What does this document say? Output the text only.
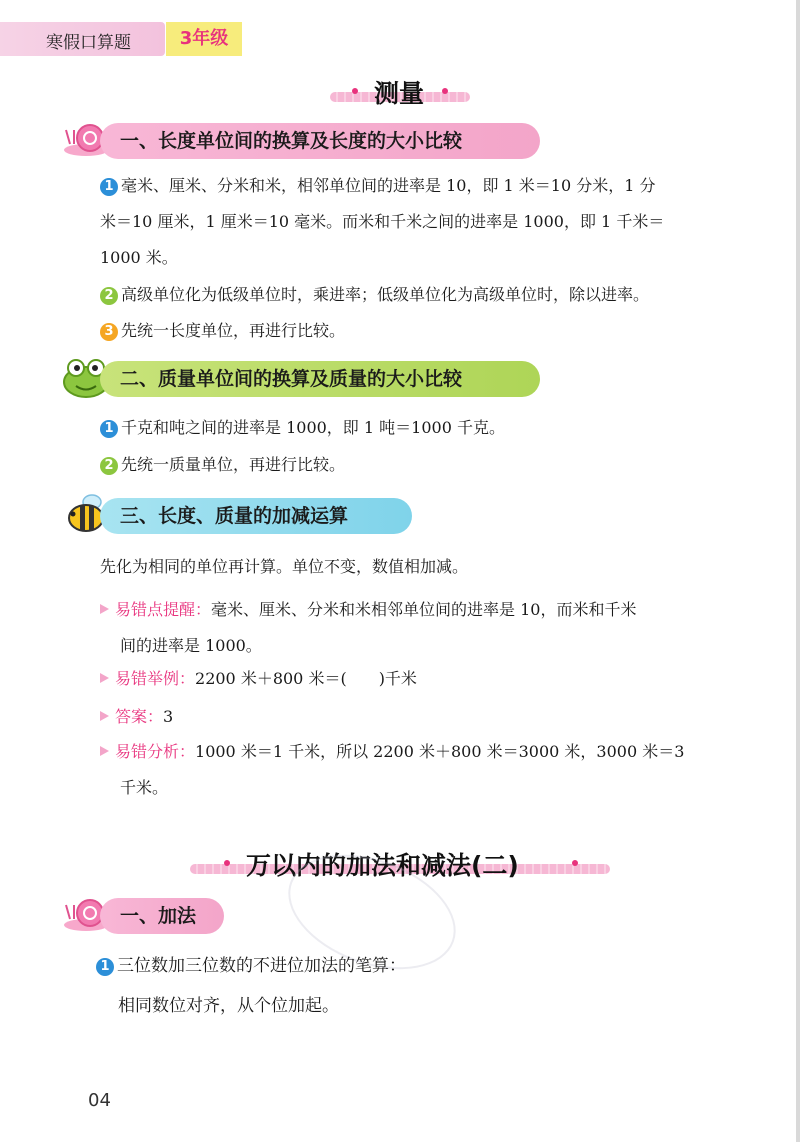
寒假口算题	3年级
测量
一、长度单位间的换算及长度的大小比较
1 毫米、厘米、分米和米，相邻单位间的进率是 10，即 1 米＝10 分米，1 分
米＝10 厘米，1 厘米＝10 毫米。而米和千米之间的进率是 1000，即 1 千米＝
1000 米。
2 高级单位化为低级单位时，乘进率；低级单位化为高级单位时，除以进率。
3 先统一长度单位，再进行比较。
二、质量单位间的换算及质量的大小比较
1 千克和吨之间的进率是 1000，即 1 吨＝1000 千克。
2 先统一质量单位，再进行比较。
三、长度、质量的加减运算
先化为相同的单位再计算。单位不变，数值相加减。
易错点提醒：毫米、厘米、分米和米相邻单位间的进率是 10，而米和千米
间的进率是 1000。
易错举例：2200 米＋800 米＝(　　)千米
答案：3
易错分析：1000 米＝1 千米，所以 2200 米＋800 米＝3000 米，3000 米＝3
千米。
万以内的加法和减法(二)
一、加法
1 三位数加三位数的不进位加法的笔算：
相同数位对齐，从个位加起。
04
